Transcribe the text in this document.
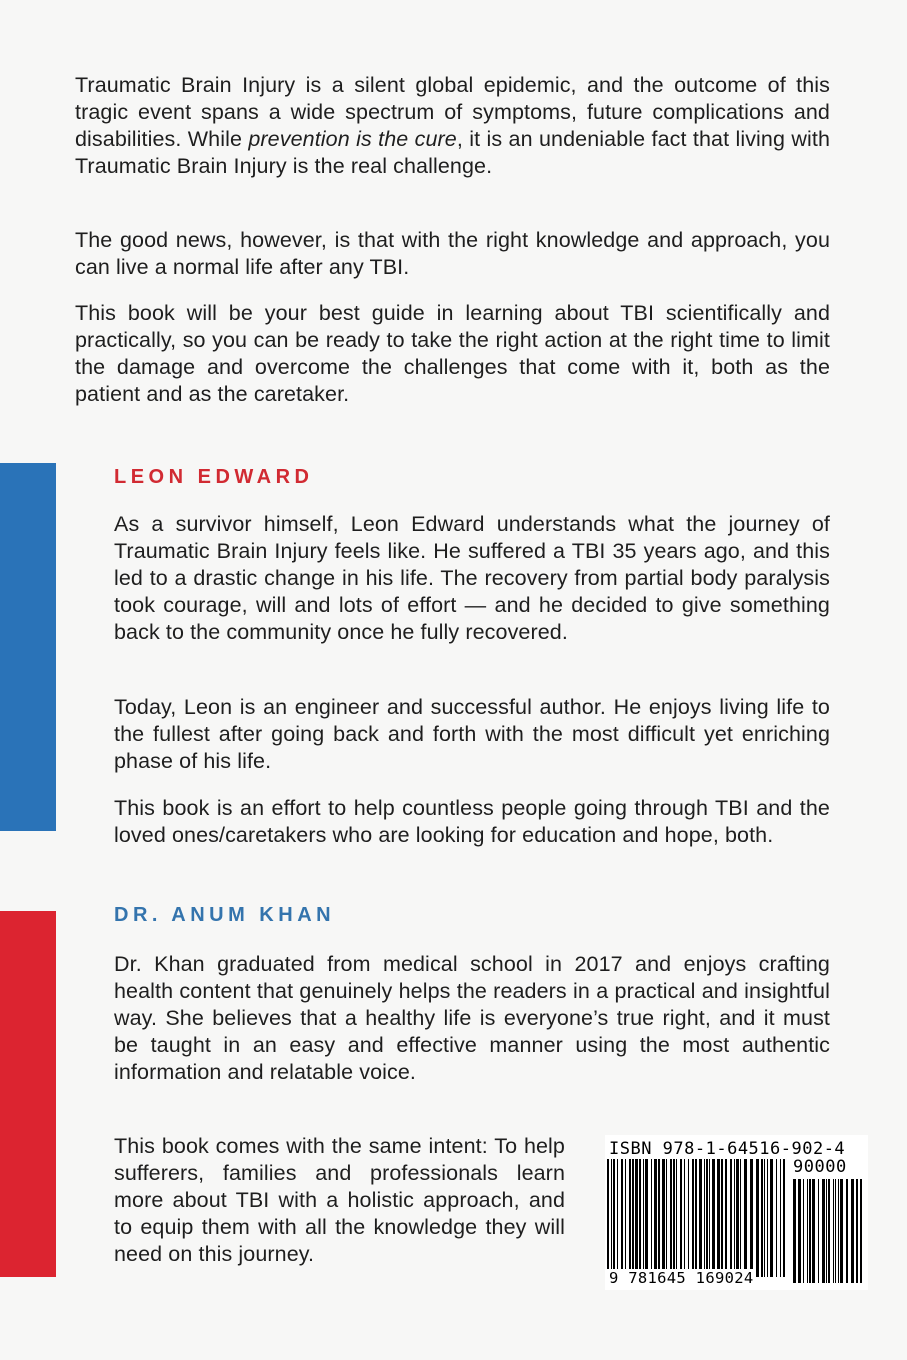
Traumatic Brain Injury is a silent global epidemic, and the outcome of this tragic event spans a wide spectrum of symptoms, future complications and disabilities. While prevention is the cure, it is an undeniable fact that living with Traumatic Brain Injury is the real challenge.

The good news, however, is that with the right knowledge and approach, you can live a normal life after any TBI.

This book will be your best guide in learning about TBI scientifically and practically, so you can be ready to take the right action at the right time to limit the damage and overcome the challenges that come with it, both as the patient and as the caretaker.

LEON EDWARD

As a survivor himself, Leon Edward understands what the journey of Traumatic Brain Injury feels like. He suffered a TBI 35 years ago, and this led to a drastic change in his life. The recovery from partial body paralysis took courage, will and lots of effort — and he decided to give something back to the community once he fully recovered.

Today, Leon is an engineer and successful author. He enjoys living life to the fullest after going back and forth with the most difficult yet enriching phase of his life.

This book is an effort to help countless people going through TBI and the loved ones/caretakers who are looking for education and hope, both.

DR. ANUM KHAN

Dr. Khan graduated from medical school in 2017 and enjoys crafting health content that genuinely helps the readers in a practical and insightful way. She believes that a healthy life is everyone’s true right, and it must be taught in an easy and effective manner using the most authentic information and relatable voice.

This book comes with the same intent: To help sufferers, families and professionals learn more about TBI with a holistic approach, and to equip them with all the knowledge they will need on this journey.

ISBN 978-1-64516-902-4
90000
9 781645 169024
